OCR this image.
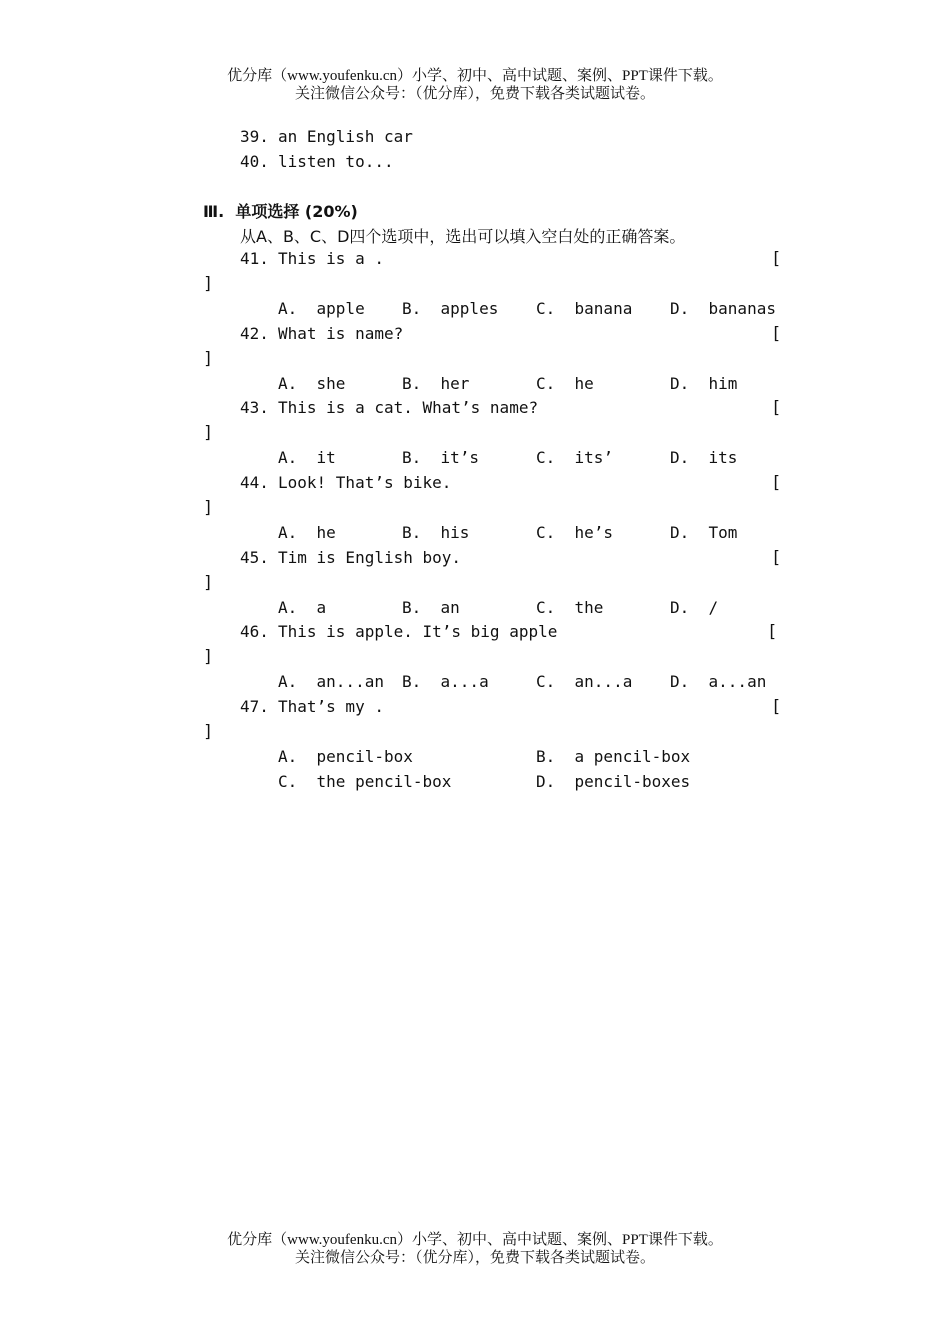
优分库（www.youfenku.cn）小学、初中、高中试题、案例、PPT课件下载。
关注微信公众号：（优分库），免费下载各类试题试卷。
39. an English car
40. listen to...
Ⅲ.  单项选择 (20%)
从A、B、C、D四个选项中，选出可以填入空白处的正确答案。
41. This is a .	[
]
A.  apple B.  apples C.  banana D.  bananas
42. What is name?	[
]
A.  she	B.  her	C.  he	D.  him
43. This is a cat. What’s name?	[
]
A.  it	B.  it’s	C.  its’	D.  its
44. Look! That’s bike.	[
]
A.  he	B.  his	C.  he’s	D.  Tom
45. Tim is English boy.	[
]
A.  a	B.  an	C.  the	D.  /
46. This is apple. It’s big apple	[
]
A.  an...an B.  a...a	C.  an...a D.  a...an
47. That’s my .	[
]
A.  pencil-box	B.  a pencil-box
C.  the pencil-box	D.  pencil-boxes
优分库（www.youfenku.cn）小学、初中、高中试题、案例、PPT课件下载。
关注微信公众号：（优分库），免费下载各类试题试卷。
